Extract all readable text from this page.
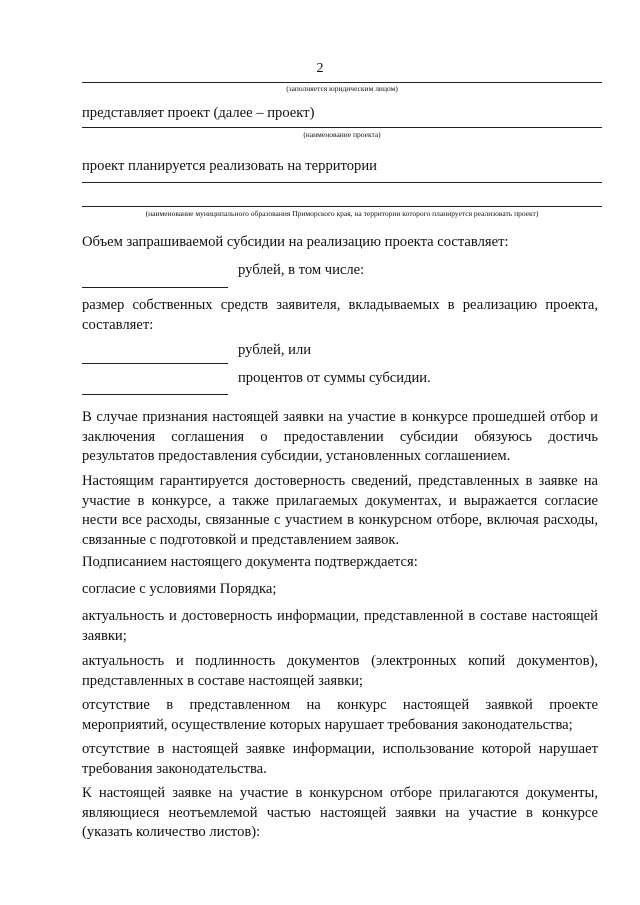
2
(заполняется юридическим лицом)
представляет проект (далее – проект)
(наименование проекта)
проект планируется реализовать на территории
(наименование муниципального образования Приморского края, на территории которого планируется реализовать проект)
Объем запрашиваемой субсидии на реализацию проекта составляет:
рублей, в том числе:
размер собственных средств заявителя, вкладываемых в реализацию проекта, составляет:
рублей, или
процентов от суммы субсидии.
В случае признания настоящей заявки на участие в конкурсе прошедшей отбор и заключения соглашения о предоставлении субсидии обязуюсь достичь результатов предоставления субсидии, установленных соглашением.
Настоящим гарантируется достоверность сведений, представленных в заявке на участие в конкурсе, а также прилагаемых документах, и выражается согласие нести все расходы, связанные с участием в конкурсном отборе, включая расходы, связанные с подготовкой и представлением заявок.
Подписанием настоящего документа подтверждается:
согласие с условиями Порядка;
актуальность и достоверность информации, представленной в составе настоящей заявки;
актуальность и подлинность документов (электронных копий документов), представленных в составе настоящей заявки;
отсутствие в представленном на конкурс настоящей заявкой проекте мероприятий, осуществление которых нарушает требования законодательства;
отсутствие в настоящей заявке информации, использование которой нарушает требования законодательства.
К настоящей заявке на участие в конкурсном отборе прилагаются документы, являющиеся неотъемлемой частью настоящей заявки на участие в конкурсе (указать количество листов):
